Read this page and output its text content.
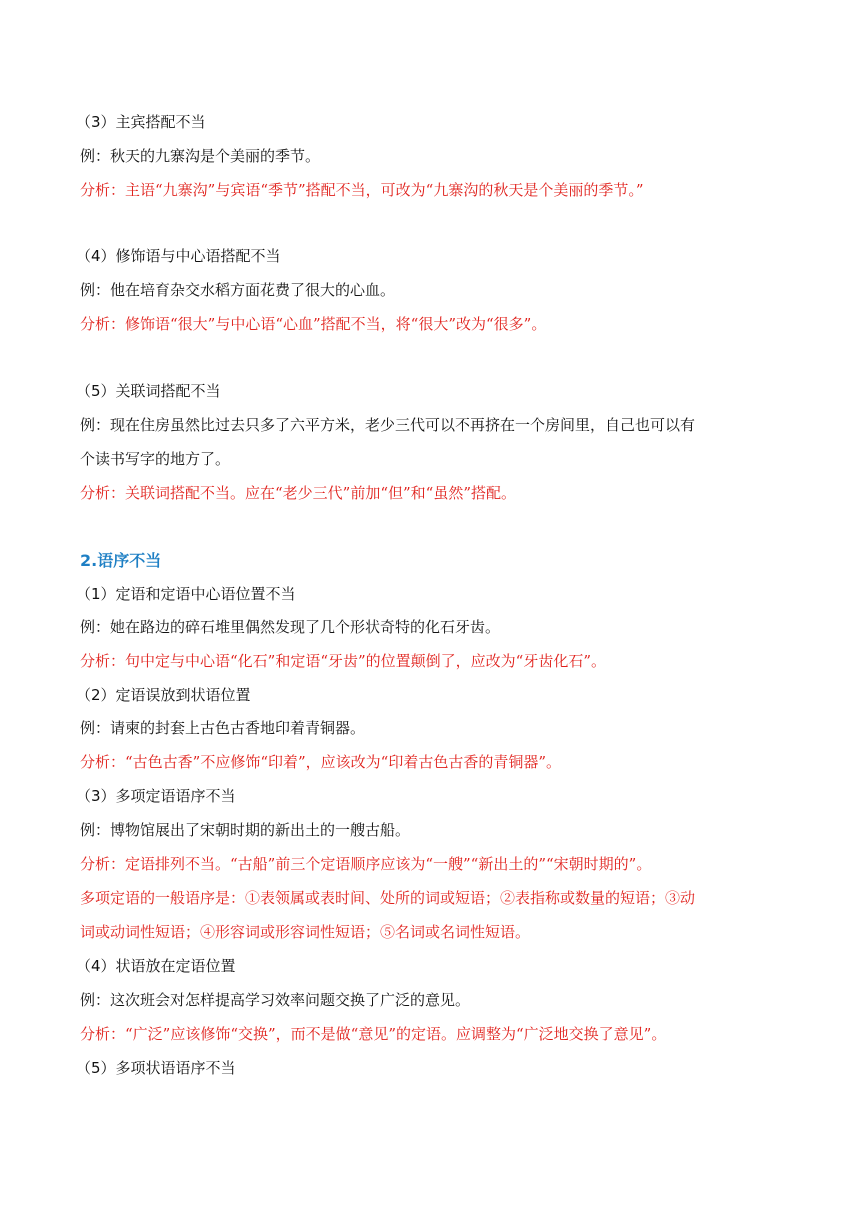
（3）主宾搭配不当
例：秋天的九寨沟是个美丽的季节。
分析：主语“九寨沟”与宾语“季节”搭配不当，可改为“九寨沟的秋天是个美丽的季节。”
（4）修饰语与中心语搭配不当
例：他在培育杂交水稻方面花费了很大的心血。
分析：修饰语“很大”与中心语“心血”搭配不当，将“很大”改为“很多”。
（5）关联词搭配不当
例：现在住房虽然比过去只多了六平方米，老少三代可以不再挤在一个房间里，自己也可以有
个读书写字的地方了。
分析：关联词搭配不当。应在“老少三代”前加“但”和“虽然”搭配。
2.语序不当
（1）定语和定语中心语位置不当
例：她在路边的碎石堆里偶然发现了几个形状奇特的化石牙齿。
分析：句中定与中心语“化石”和定语“牙齿”的位置颠倒了，应改为“牙齿化石”。
（2）定语误放到状语位置
例：请柬的封套上古色古香地印着青铜器。
分析：“古色古香”不应修饰“印着”，应该改为“印着古色古香的青铜器”。
（3）多项定语语序不当
例：博物馆展出了宋朝时期的新出土的一艘古船。
分析：定语排列不当。“古船”前三个定语顺序应该为“一艘”“新出土的”“宋朝时期的”。
多项定语的一般语序是：①表领属或表时间、处所的词或短语；②表指称或数量的短语；③动
词或动词性短语；④形容词或形容词性短语；⑤名词或名词性短语。
（4）状语放在定语位置
例：这次班会对怎样提高学习效率问题交换了广泛的意见。
分析：“广泛”应该修饰“交换”，而不是做“意见”的定语。应调整为“广泛地交换了意见”。
（5）多项状语语序不当
